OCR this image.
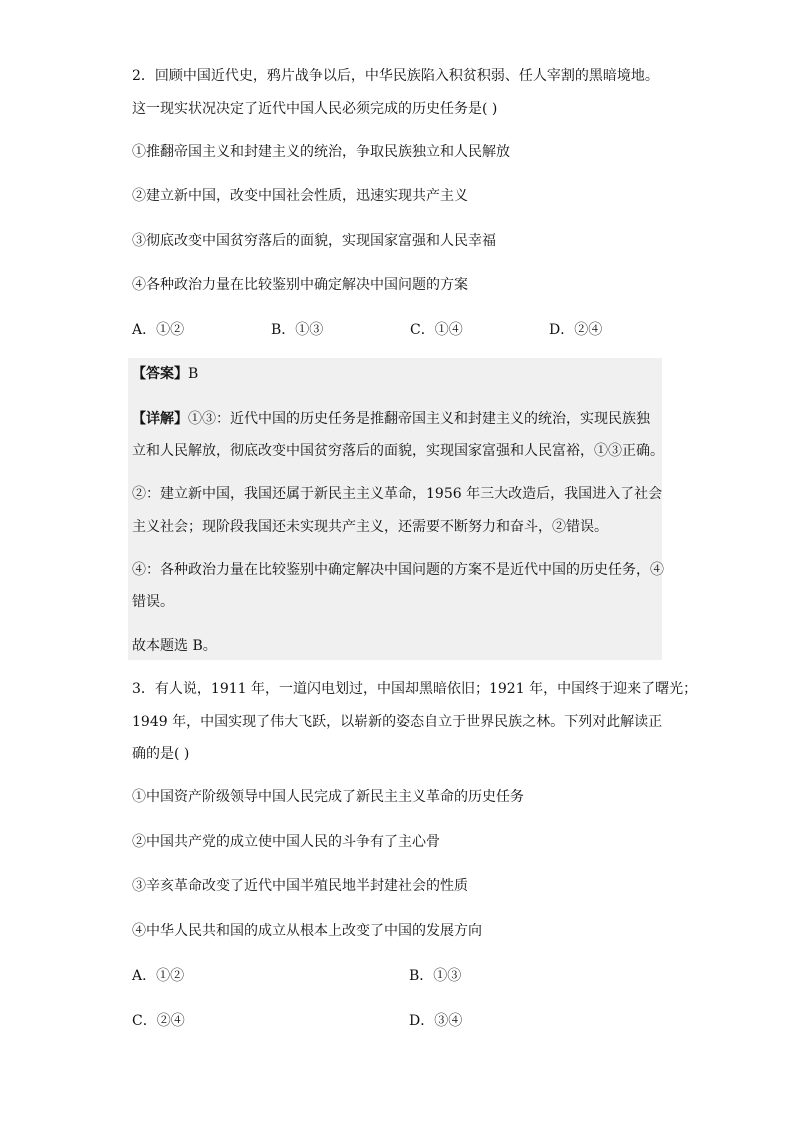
2．回顾中国近代史，鸦片战争以后，中华民族陷入积贫积弱、任人宰割的黑暗境地。
这一现实状况决定了近代中国人民必须完成的历史任务是( )
①推翻帝国主义和封建主义的统治，争取民族独立和人民解放
②建立新中国，改变中国社会性质，迅速实现共产主义
③彻底改变中国贫穷落后的面貌，实现国家富强和人民幸福
④各种政治力量在比较鉴别中确定解决中国问题的方案
A．①②	B．①③	C．①④	D．②④
【答案】B
【详解】①③：近代中国的历史任务是推翻帝国主义和封建主义的统治，实现民族独
立和人民解放，彻底改变中国贫穷落后的面貌，实现国家富强和人民富裕，①③正确。
②：建立新中国，我国还属于新民主主义革命，1956 年三大改造后，我国进入了社会
主义社会；现阶段我国还未实现共产主义，还需要不断努力和奋斗，②错误。
④：各种政治力量在比较鉴别中确定解决中国问题的方案不是近代中国的历史任务，④
错误。
故本题选 B。
3．有人说，1911 年，一道闪电划过，中国却黑暗依旧；1921 年，中国终于迎来了曙光；
1949 年，中国实现了伟大飞跃，以崭新的姿态自立于世界民族之林。下列对此解读正
确的是( )
①中国资产阶级领导中国人民完成了新民主主义革命的历史任务
②中国共产党的成立使中国人民的斗争有了主心骨
③辛亥革命改变了近代中国半殖民地半封建社会的性质
④中华人民共和国的成立从根本上改变了中国的发展方向
A．①②	B．①③
C．②④	D．③④
